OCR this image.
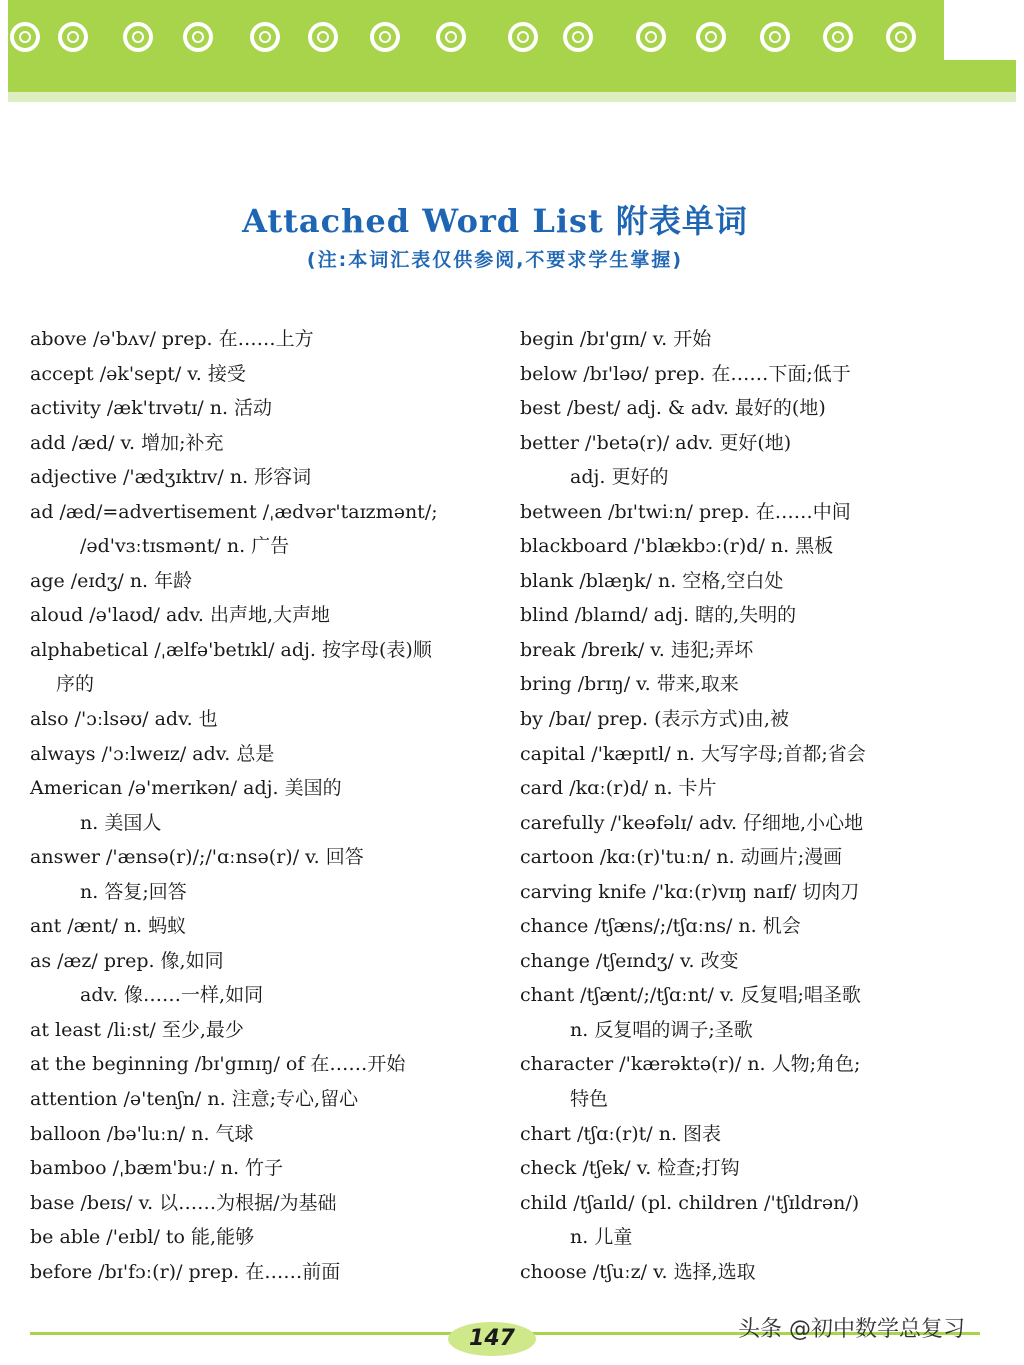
Attached Word List 附表单词
(注:本词汇表仅供参阅,不要求学生掌握)
above /ə'bʌv/ prep. 在……上方
accept /ək'sept/ v. 接受
activity /æk'tɪvətɪ/ n. 活动
add /æd/ v. 增加;补充
adjective /'ædʒɪktɪv/ n. 形容词
ad /æd/=advertisement /ˌædvər'taɪzmənt/;
/əd'vɜːtɪsmənt/ n. 广告
age /eɪdʒ/ n. 年龄
aloud /ə'laʊd/ adv. 出声地,大声地
alphabetical /ˌælfə'betɪkl/ adj. 按字母(表)顺
序的
also /'ɔːlsəʊ/ adv. 也
always /'ɔːlweɪz/ adv. 总是
American /ə'merɪkən/ adj. 美国的
n. 美国人
answer /'ænsə(r)/;/'ɑːnsə(r)/ v. 回答
n. 答复;回答
ant /ænt/ n. 蚂蚁
as /æz/ prep. 像,如同
adv. 像……一样,如同
at least /liːst/ 至少,最少
at the beginning /bɪ'gɪnɪŋ/ of 在……开始
attention /ə'tenʃn/ n. 注意;专心,留心
balloon /bə'luːn/ n. 气球
bamboo /ˌbæm'buː/ n. 竹子
base /beɪs/ v. 以……为根据/为基础
be able /'eɪbl/ to 能,能够
before /bɪ'fɔː(r)/ prep. 在……前面
begin /bɪ'gɪn/ v. 开始
below /bɪ'ləʊ/ prep. 在……下面;低于
best /best/ adj. & adv. 最好的(地)
better /'betə(r)/ adv. 更好(地)
adj. 更好的
between /bɪ'twiːn/ prep. 在……中间
blackboard /'blækbɔː(r)d/ n. 黑板
blank /blæŋk/ n. 空格,空白处
blind /blaɪnd/ adj. 瞎的,失明的
break /breɪk/ v. 违犯;弄坏
bring /brɪŋ/ v. 带来,取来
by /baɪ/ prep. (表示方式)由,被
capital /'kæpɪtl/ n. 大写字母;首都;省会
card /kɑː(r)d/ n. 卡片
carefully /'keəfəlɪ/ adv. 仔细地,小心地
cartoon /kɑː(r)'tuːn/ n. 动画片;漫画
carving knife /'kɑː(r)vɪŋ naɪf/ 切肉刀
chance /tʃæns/;/tʃɑːns/ n. 机会
change /tʃeɪndʒ/ v. 改变
chant /tʃænt/;/tʃɑːnt/ v. 反复唱;唱圣歌
n. 反复唱的调子;圣歌
character /'kærəktə(r)/ n. 人物;角色;
特色
chart /tʃɑː(r)t/ n. 图表
check /tʃek/ v. 检查;打钩
child /tʃaɪld/ (pl. children /'tʃɪldrən/)
n. 儿童
choose /tʃuːz/ v. 选择,选取
147	头条 @初中数学总复习
